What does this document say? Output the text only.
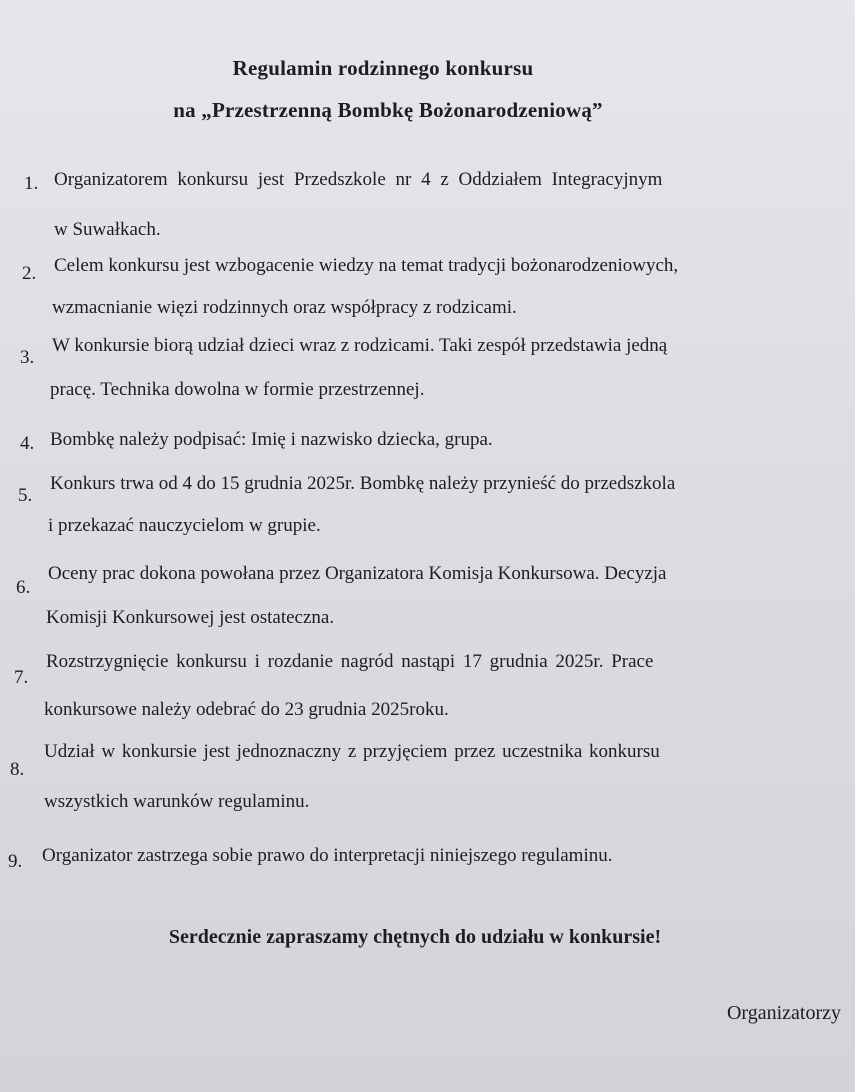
Regulamin rodzinnego konkursu
na „Przestrzenną Bombkę Bożonarodzeniową”
1. Organizatorem konkursu jest Przedszkole nr 4 z Oddziałem Integracyjnym
w Suwałkach.
2. Celem konkursu jest wzbogacenie wiedzy na temat tradycji bożonarodzeniowych,
wzmacnianie więzi rodzinnych oraz współpracy z rodzicami.
3.
W konkursie biorą udział dzieci wraz z rodzicami. Taki zespół przedstawia jedną
pracę. Technika dowolna w formie przestrzennej.
4. Bombkę należy podpisać: Imię i nazwisko dziecka, grupa.
5.
Konkurs trwa od 4 do 15 grudnia 2025r. Bombkę należy przynieść do przedszkola
i przekazać nauczycielom w grupie.
6.
Oceny prac dokona powołana przez Organizatora Komisja Konkursowa. Decyzja
Komisji Konkursowej jest ostateczna.
7.
Rozstrzygnięcie konkursu i rozdanie nagród nastąpi 17 grudnia 2025r. Prace
konkursowe należy odebrać do 23 grudnia 2025roku.
8.
Udział w konkursie jest jednoznaczny z przyjęciem przez uczestnika konkursu
wszystkich warunków regulaminu.
9. Organizator zastrzega sobie prawo do interpretacji niniejszego regulaminu.
Serdecznie zapraszamy chętnych do udziału w konkursie!
Organizatorzy
